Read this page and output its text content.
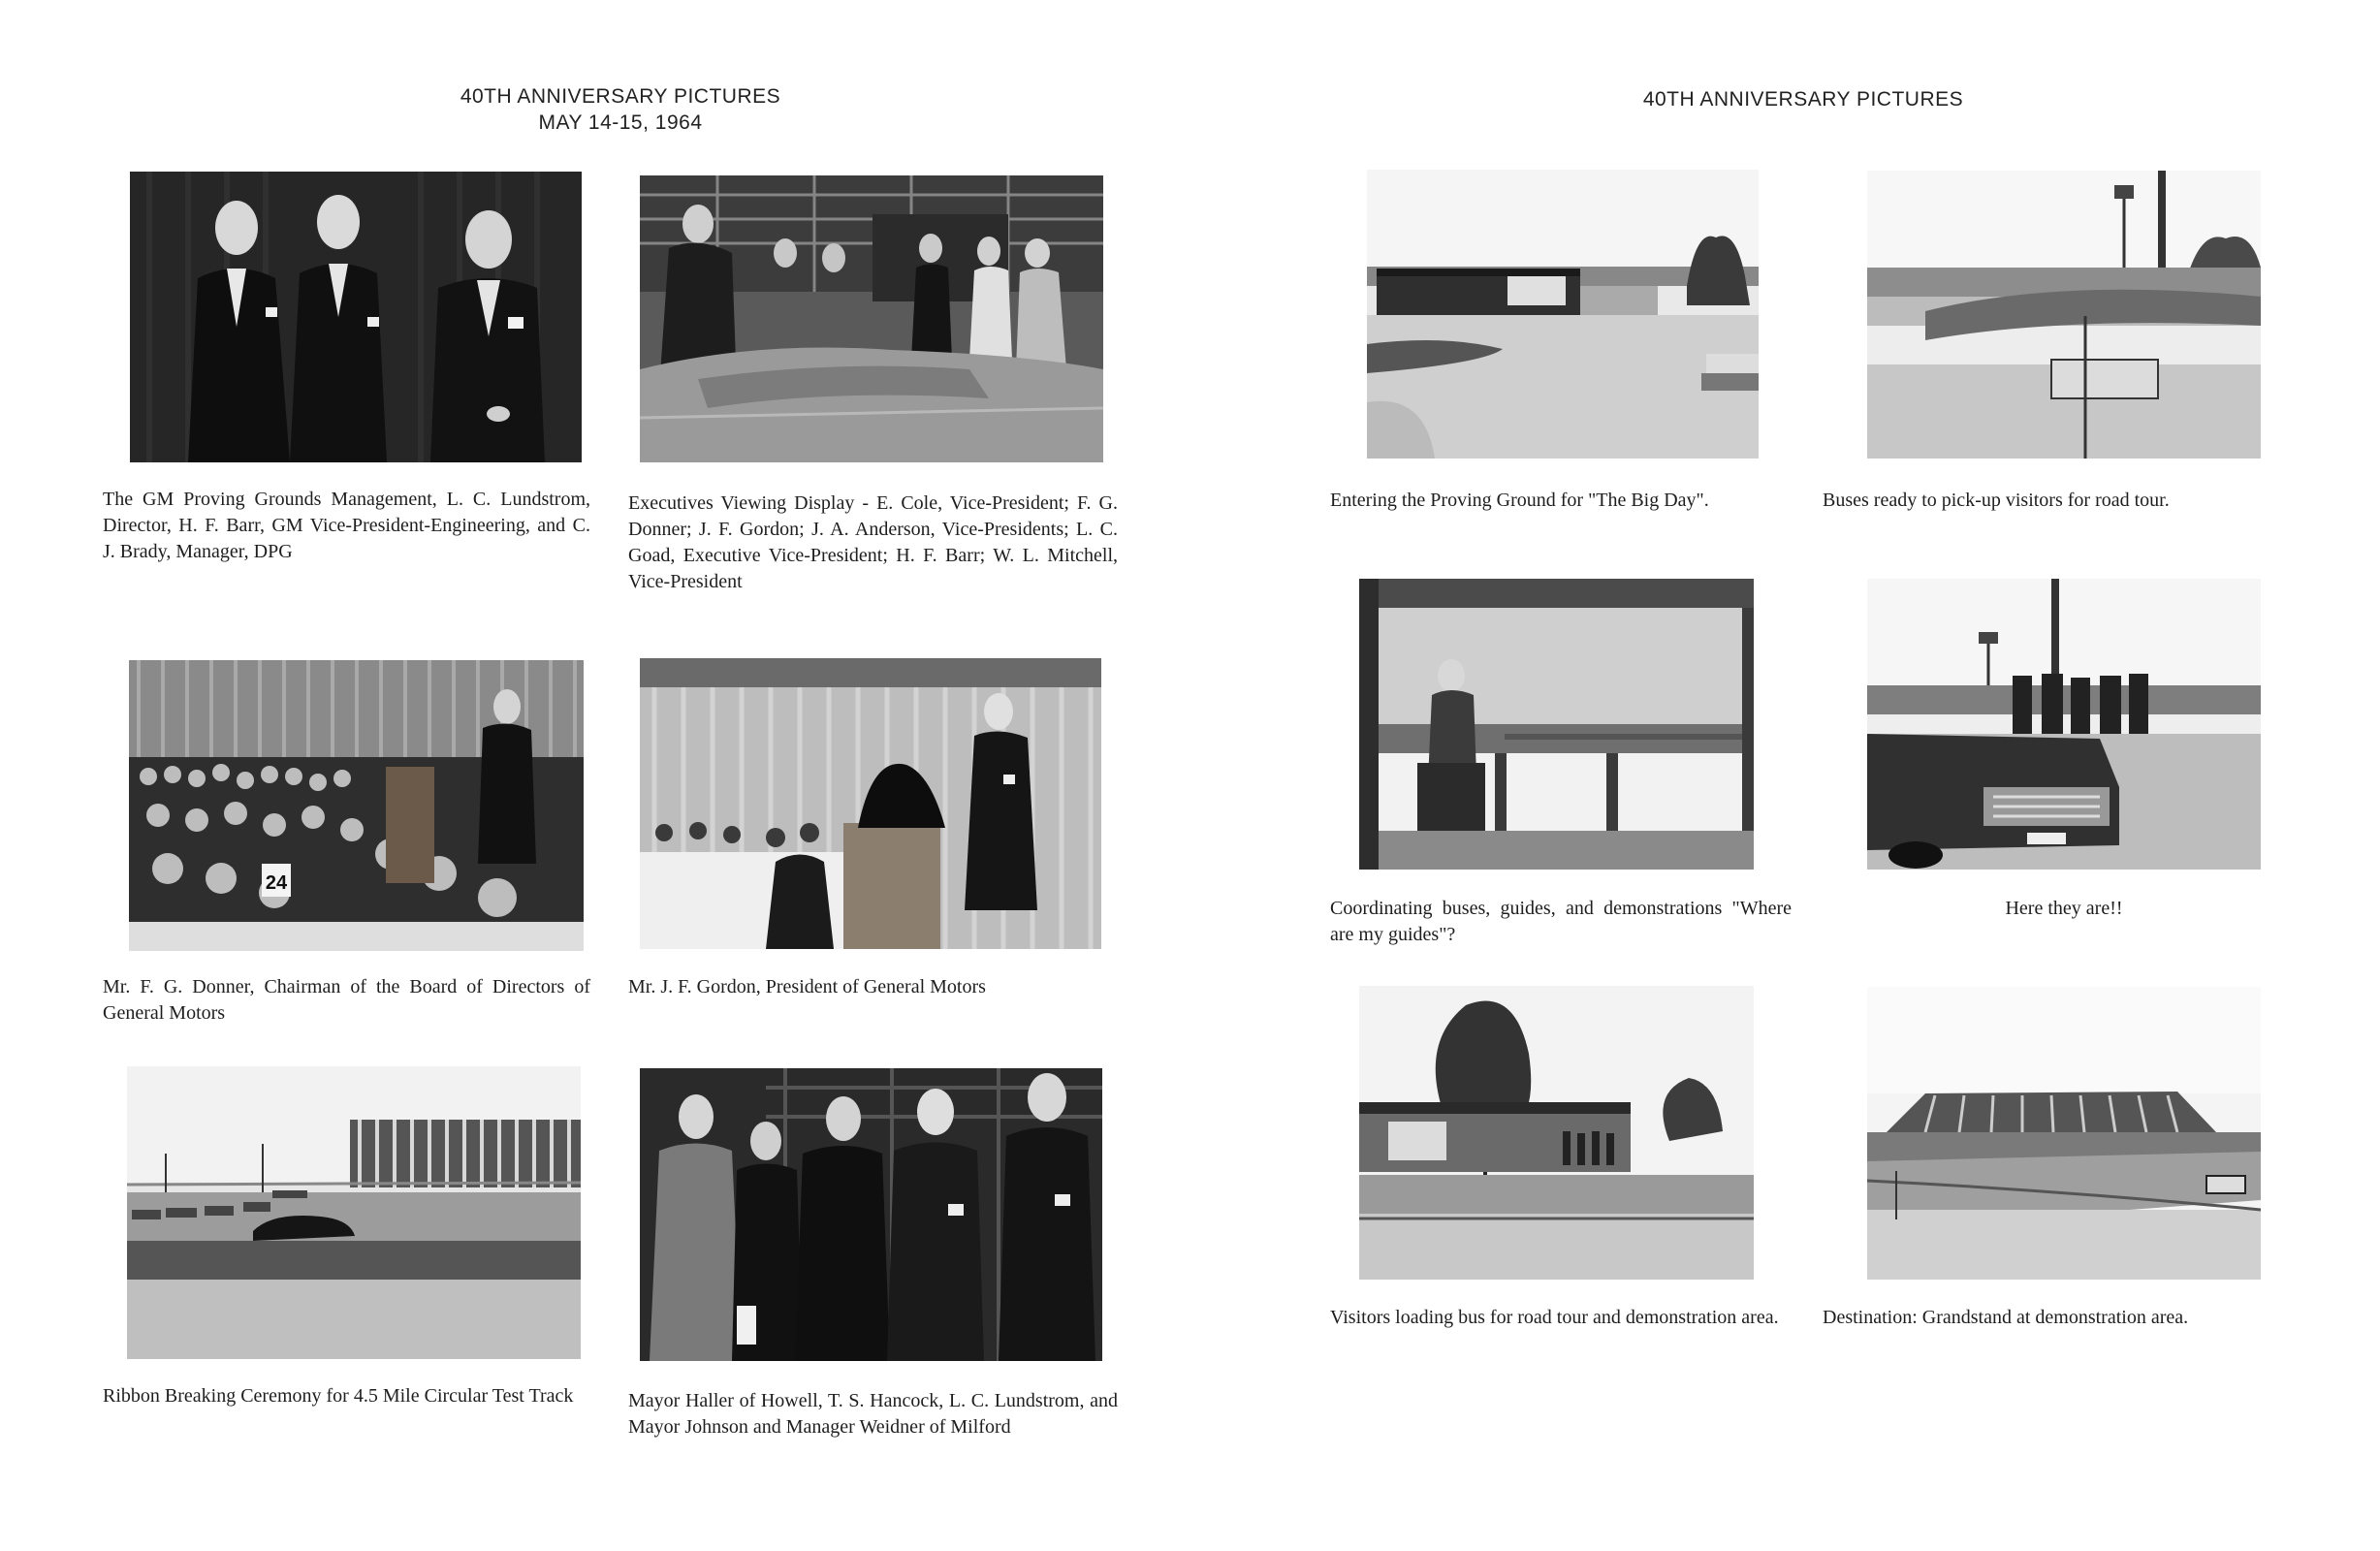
40TH ANNIVERSARY PICTURES
MAY 14-15, 1964
The GM Proving Grounds Management, L. C. Lundstrom, Director, H. F. Barr, GM Vice-President-Engineering, and C. J. Brady, Manager, DPG
Executives Viewing Display - E. Cole, Vice-President; F. G. Donner; J. F. Gordon; J. A. Anderson, Vice-Presidents; L. C. Goad, Executive Vice-President; H. F. Barr; W. L. Mitchell, Vice-President
24
Mr. F. G. Donner, Chairman of the Board of Directors of General Motors
Mr. J. F. Gordon, President of General Motors
Ribbon Breaking Ceremony for 4.5 Mile Circular Test Track	Mayor Haller of Howell, T. S. Hancock, L. C. Lundstrom, and Mayor Johnson and Manager Weidner of Milford
40TH ANNIVERSARY PICTURES
Entering the Proving Ground for "The Big Day".	Buses ready to pick-up visitors for road tour.
Coordinating buses, guides, and demonstrations "Where are my guides"?
Here they are!!
Visitors loading bus for road tour and demonstration area.	Destination: Grandstand at demonstration area.
